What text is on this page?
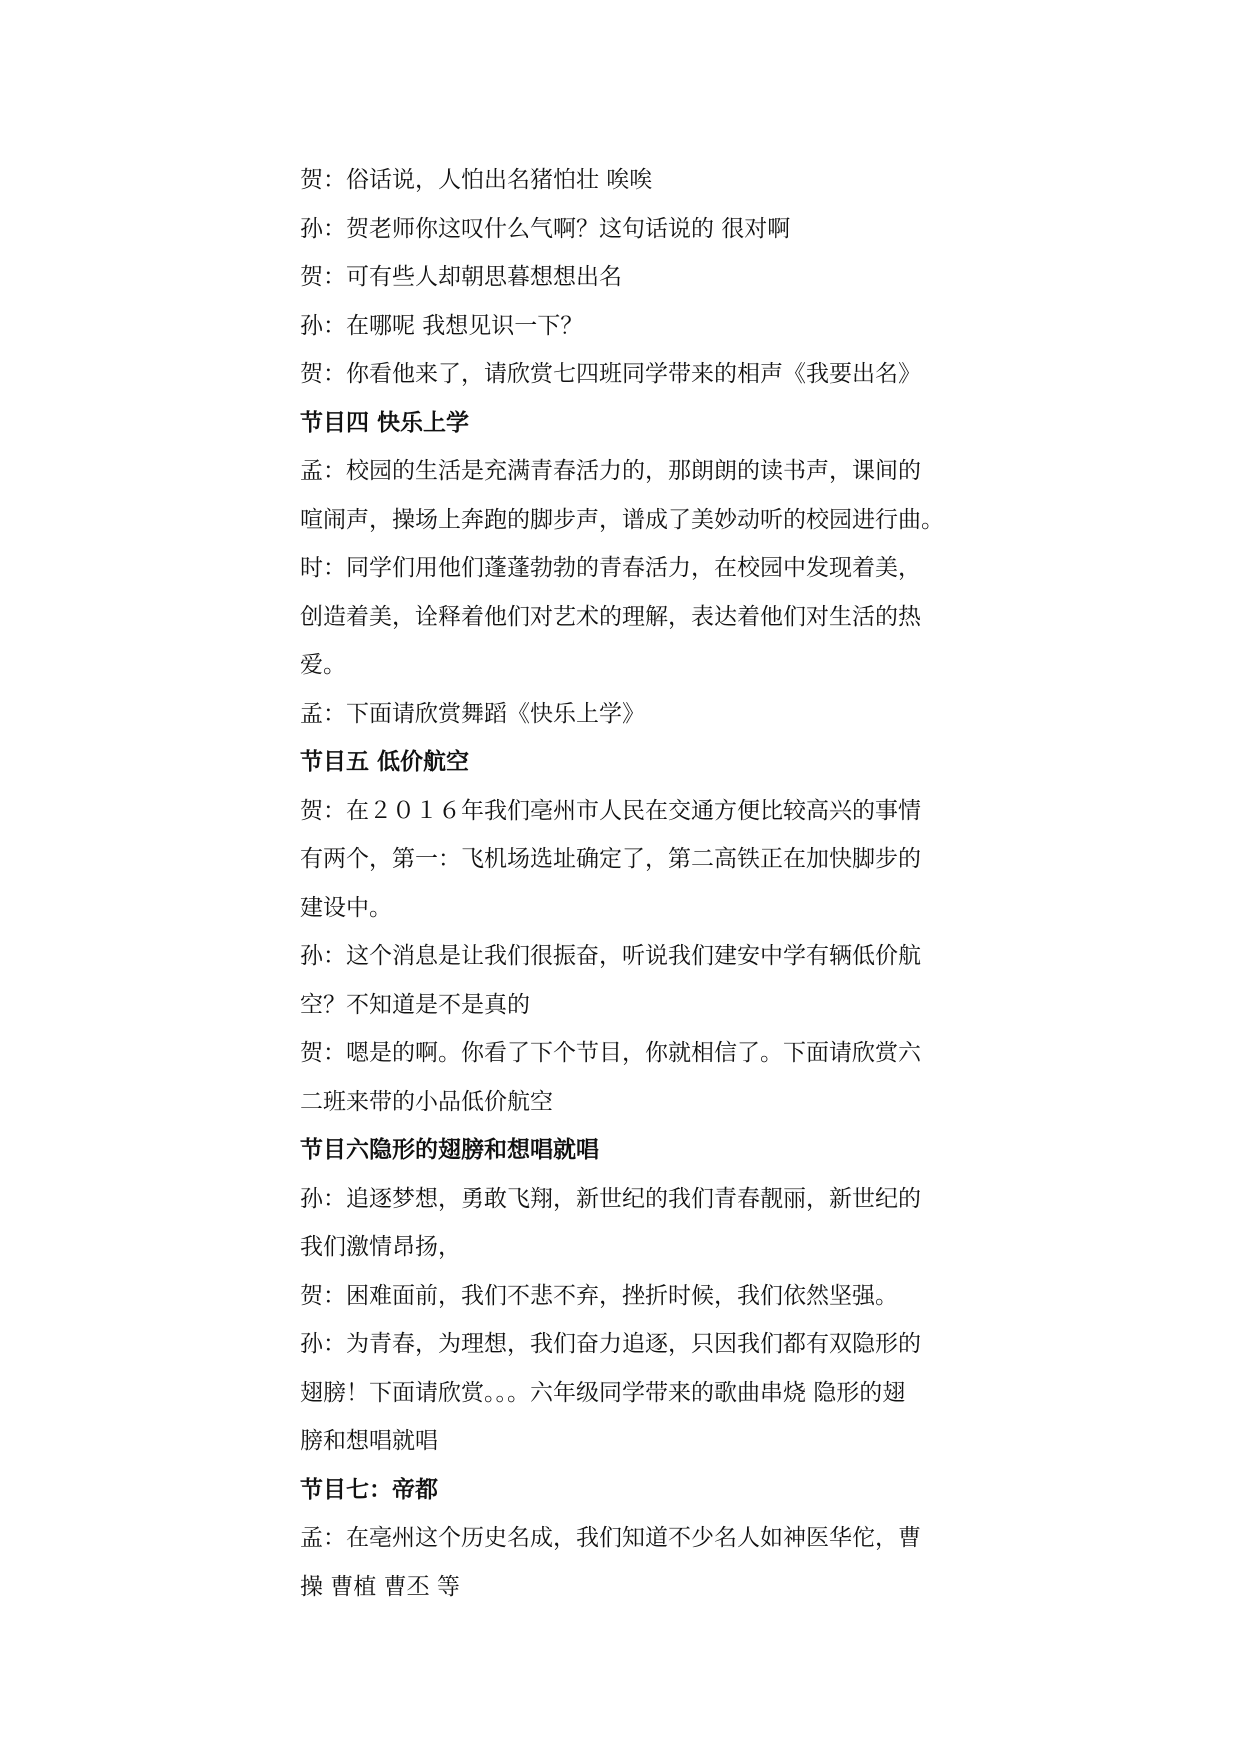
贺：俗话说，人怕出名猪怕壮 唉唉
孙：贺老师你这叹什么气啊？这句话说的 很对啊
贺：可有些人却朝思暮想想出名
孙：在哪呢 我想见识一下？
贺：你看他来了，请欣赏七四班同学带来的相声《我要出名》
节目四 快乐上学
孟：校园的生活是充满青春活力的，那朗朗的读书声，课间的
喧闹声，操场上奔跑的脚步声，谱成了美妙动听的校园进行曲。
时：同学们用他们蓬蓬勃勃的青春活力，在校园中发现着美，
创造着美，诠释着他们对艺术的理解，表达着他们对生活的热
爱。
孟：下面请欣赏舞蹈《快乐上学》
节目五 低价航空
贺：在２０１６年我们亳州市人民在交通方便比较高兴的事情
有两个，第一：飞机场选址确定了，第二高铁正在加快脚步的
建设中。
孙：这个消息是让我们很振奋，听说我们建安中学有辆低价航
空？不知道是不是真的
贺：嗯是的啊。你看了下个节目，你就相信了。下面请欣赏六
二班来带的小品低价航空
节目六隐形的翅膀和想唱就唱
孙：追逐梦想，勇敢飞翔，新世纪的我们青春靓丽，新世纪的
我们激情昂扬，
贺：困难面前，我们不悲不弃，挫折时候，我们依然坚强。
孙：为青春，为理想，我们奋力追逐，只因我们都有双隐形的
翅膀！下面请欣赏。。。六年级同学带来的歌曲串烧 隐形的翅
膀和想唱就唱
节目七：帝都
孟：在亳州这个历史名成，我们知道不少名人如神医华佗，曹
操 曹植 曹丕 等
